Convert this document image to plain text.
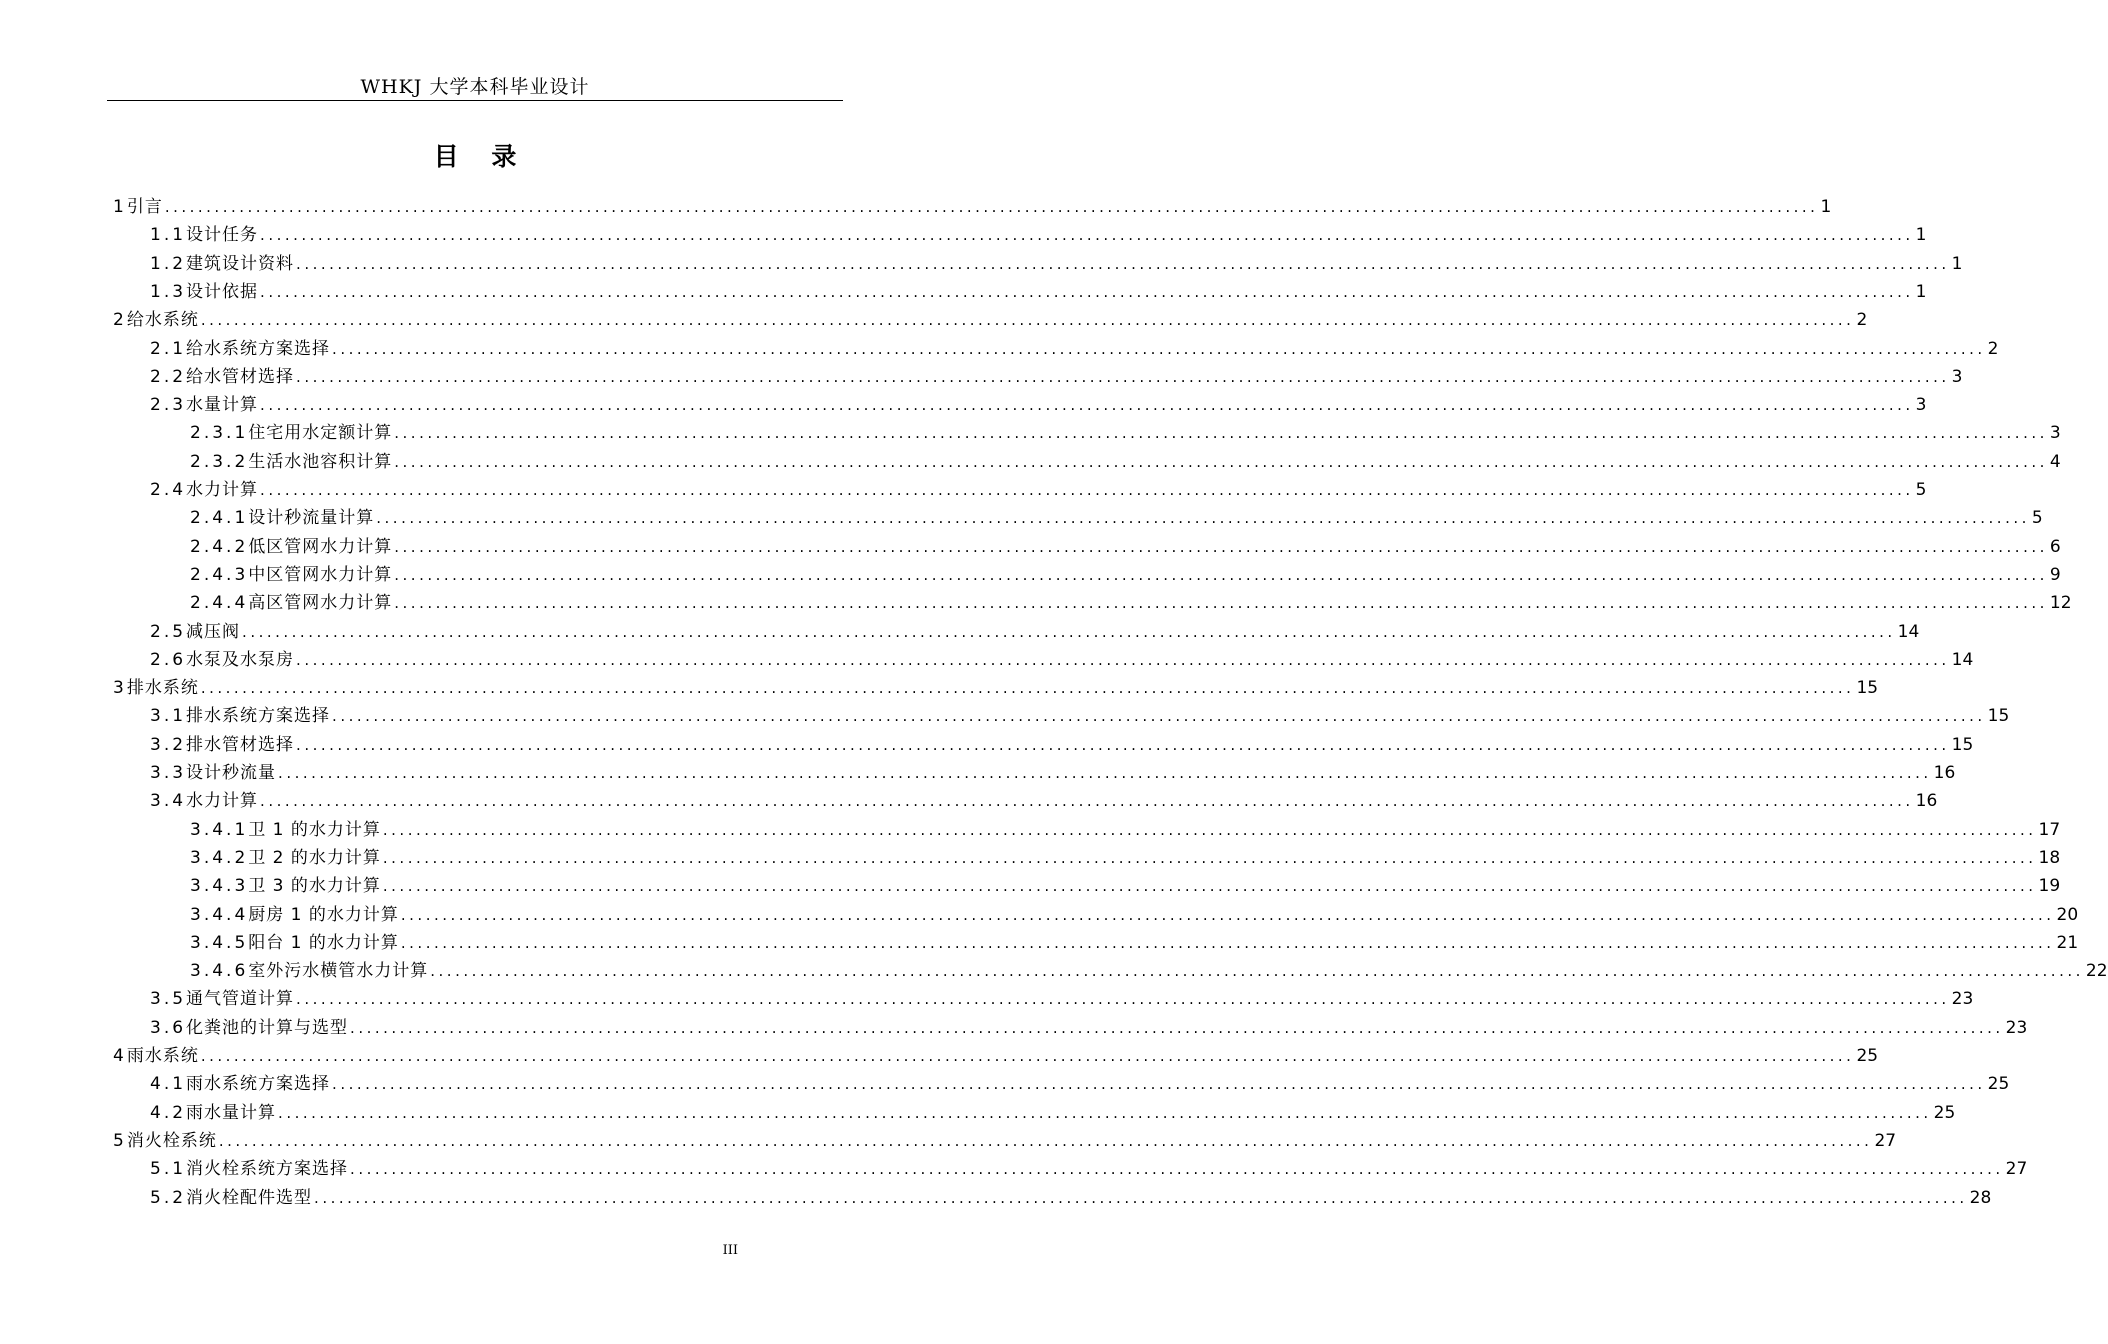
WHKJ 大学本科毕业设计
目 录
1 引言 ........................................................................................................................................................................................................ 1
1.1 设计任务 ........................................................................................................................................................................................................ 1
1.2 建筑设计资料 ........................................................................................................................................................................................................ 1
1.3 设计依据 ........................................................................................................................................................................................................ 1
2 给水系统 ........................................................................................................................................................................................................ 2
2.1 给水系统方案选择 ........................................................................................................................................................................................................ 2
2.2 给水管材选择 ........................................................................................................................................................................................................ 3
2.3 水量计算 ........................................................................................................................................................................................................ 3
2.3.1 住宅用水定额计算 ........................................................................................................................................................................................................ 3
2.3.2 生活水池容积计算 ........................................................................................................................................................................................................ 4
2.4 水力计算 ........................................................................................................................................................................................................ 5
2.4.1 设计秒流量计算 ........................................................................................................................................................................................................ 5
2.4.2 低区管网水力计算 ........................................................................................................................................................................................................ 6
2.4.3 中区管网水力计算 ........................................................................................................................................................................................................ 9
2.4.4 高区管网水力计算 ........................................................................................................................................................................................................ 12
2.5 减压阀 ........................................................................................................................................................................................................ 14
2.6 水泵及水泵房 ........................................................................................................................................................................................................ 14
3 排水系统 ........................................................................................................................................................................................................ 15
3.1 排水系统方案选择 ........................................................................................................................................................................................................ 15
3.2 排水管材选择 ........................................................................................................................................................................................................ 15
3.3 设计秒流量 ........................................................................................................................................................................................................ 16
3.4 水力计算 ........................................................................................................................................................................................................ 16
3.4.1 卫 1 的水力计算 ........................................................................................................................................................................................................ 17
3.4.2 卫 2 的水力计算 ........................................................................................................................................................................................................ 18
3.4.3 卫 3 的水力计算 ........................................................................................................................................................................................................ 19
3.4.4 厨房 1 的水力计算 ........................................................................................................................................................................................................ 20
3.4.5 阳台 1 的水力计算 ........................................................................................................................................................................................................ 21
3.4.6 室外污水横管水力计算 ........................................................................................................................................................................................................ 22
3.5 通气管道计算 ........................................................................................................................................................................................................ 23
3.6 化粪池的计算与选型 ........................................................................................................................................................................................................ 23
4 雨水系统 ........................................................................................................................................................................................................ 25
4.1 雨水系统方案选择 ........................................................................................................................................................................................................ 25
4.2 雨水量计算 ........................................................................................................................................................................................................ 25
5 消火栓系统 ........................................................................................................................................................................................................ 27
5.1 消火栓系统方案选择 ........................................................................................................................................................................................................ 27
5.2 消火栓配件选型 ........................................................................................................................................................................................................ 28
III
